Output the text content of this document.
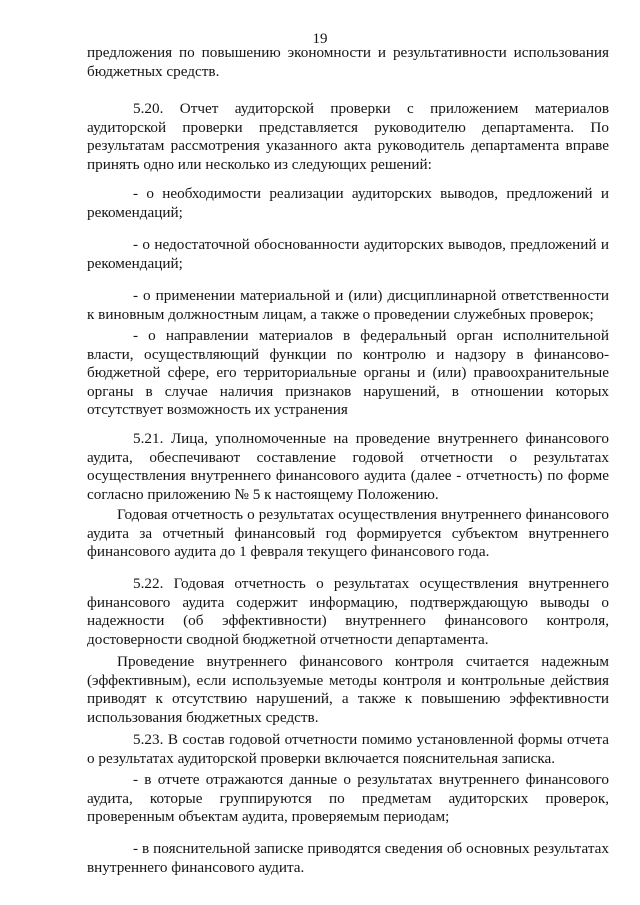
19

предложения по повышению экономности и результативности использования бюджетных средств.

5.20. Отчет аудиторской проверки с приложением материалов аудиторской проверки представляется руководителю департамента. По результатам рассмотрения указанного акта руководитель департамента вправе принять одно или несколько из следующих решений:

- о необходимости реализации аудиторских выводов, предложений и рекомендаций;

- о недостаточной обоснованности аудиторских выводов, предложений и рекомендаций;

- о применении материальной и (или) дисциплинарной ответственности к виновным должностным лицам, а также о проведении служебных проверок;

- о направлении материалов в федеральный орган исполнительной власти, осуществляющий функции по контролю и надзору в финансово-бюджетной сфере, его территориальные органы и (или) правоохранительные органы в случае наличия признаков нарушений, в отношении которых отсутствует возможность их устранения

5.21. Лица, уполномоченные на проведение внутреннего финансового аудита, обеспечивают составление годовой отчетности о результатах осуществления внутреннего финансового аудита (далее - отчетность) по форме согласно приложению № 5 к настоящему Положению.

Годовая отчетность о результатах осуществления внутреннего финансового аудита за отчетный финансовый год формируется субъектом внутреннего финансового аудита до 1 февраля текущего финансового года.

5.22. Годовая отчетность о результатах осуществления внутреннего финансового аудита содержит информацию, подтверждающую выводы о надежности (об эффективности) внутреннего финансового контроля, достоверности сводной бюджетной отчетности департамента.

Проведение внутреннего финансового контроля считается надежным (эффективным), если используемые методы контроля и контрольные действия приводят к отсутствию нарушений, а также к повышению эффективности использования бюджетных средств.

5.23. В состав годовой отчетности помимо установленной формы отчета о результатах аудиторской проверки включается пояснительная записка.

- в отчете отражаются данные о результатах внутреннего финансового аудита, которые группируются по предметам аудиторских проверок, проверенным объектам аудита, проверяемым периодам;

- в пояснительной записке приводятся сведения об основных результатах внутреннего финансового аудита.
